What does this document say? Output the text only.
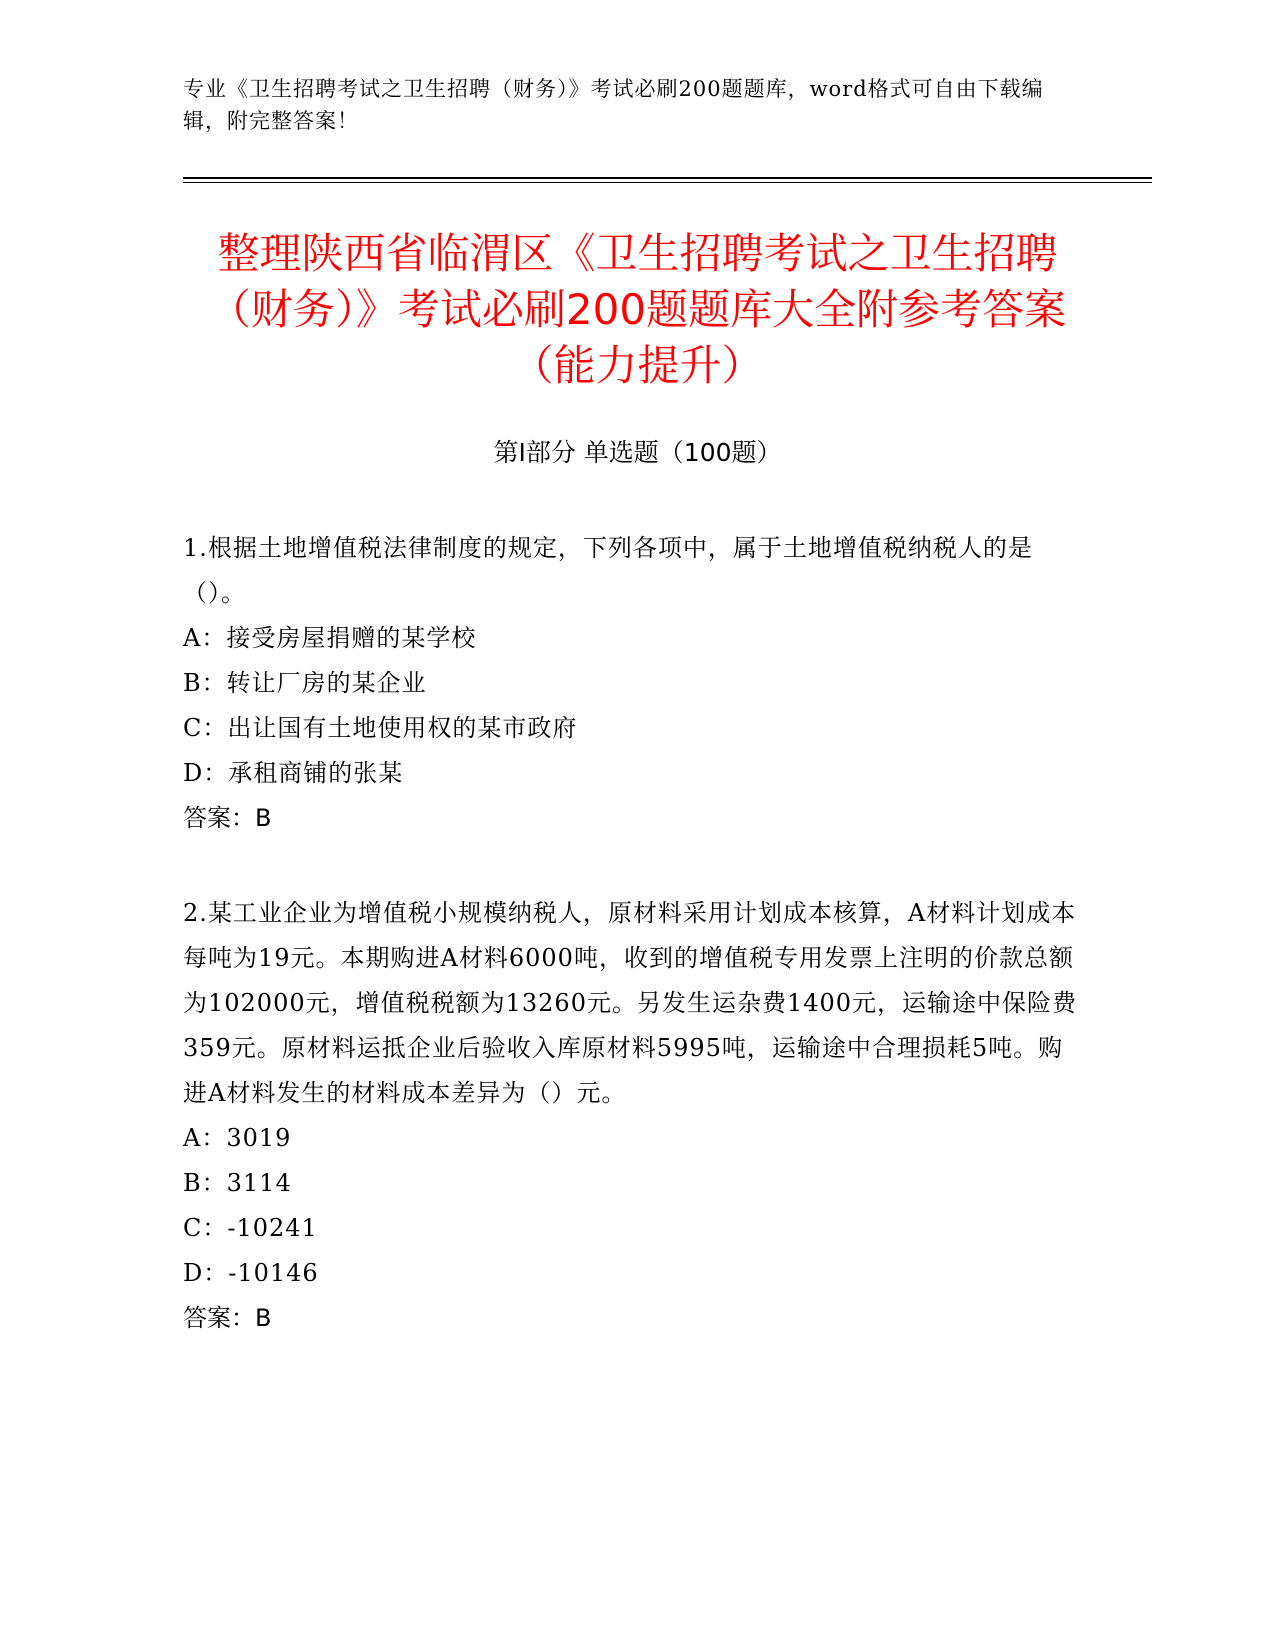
专业《卫生招聘考试之卫生招聘（财务）》考试必刷200题题库，word格式可自由下载编辑，附完整答案！
整理陕西省临渭区《卫生招聘考试之卫生招聘（财务）》考试必刷200题题库大全附参考答案（能力提升）
第Ⅰ部分 单选题（100题）
1.根据土地增值税法律制度的规定，下列各项中，属于土地增值税纳税人的是（）。
A：接受房屋捐赠的某学校
B：转让厂房的某企业
C：出让国有土地使用权的某市政府
D：承租商铺的张某
答案：B
2.某工业企业为增值税小规模纳税人，原材料采用计划成本核算，A材料计划成本每吨为19元。本期购进A材料6000吨，收到的增值税专用发票上注明的价款总额为102000元，增值税税额为13260元。另发生运杂费1400元，运输途中保险费359元。原材料运抵企业后验收入库原材料5995吨，运输途中合理损耗5吨。购进A材料发生的材料成本差异为（）元。
A：3019
B：3114
C：-10241
D：-10146
答案：B
